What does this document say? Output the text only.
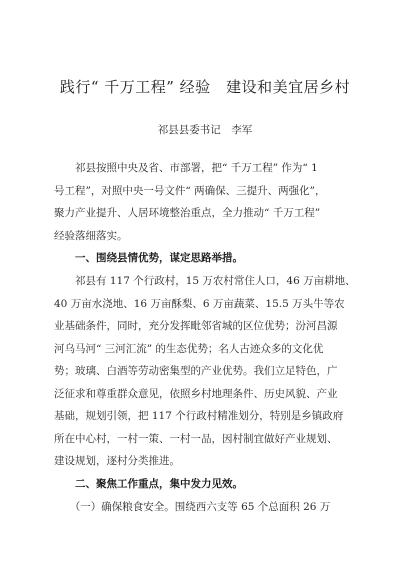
践行“ 千万工程” 经验　建设和美宜居乡村
祁县县委书记　李军
　　祁县按照中央及省、市部署，把“ 千万工程” 作为“ 1
号工程”，对照中央一号文件“ 两确保、三提升、两强化”，
聚力产业提升、人居环境整治重点，全力推动“ 千万工程”
经验落细落实。
　　一、围绕县情优势，谋定思路举措。
　　祁县有 117 个行政村，15 万农村常住人口，46 万亩耕地、
40 万亩水浇地、16 万亩酥梨、6 万亩蔬菜、15.5 万头牛等农
业基础条件，同时，充分发挥毗邻省城的区位优势；汾河昌源
河乌马河“ 三河汇流” 的生态优势；名人古迹众多的文化优
势；玻璃、白酒等劳动密集型的产业优势。我们立足特色，广
泛征求和尊重群众意见，依照乡村地理条件、历史风貌、产业
基础，规划引领，把 117 个行政村精准划分，特别是乡镇政府
所在中心村，一村一策、一村一品，因村制宜做好产业规划、
建设规划，逐村分类推进。
　　二、聚焦工作重点，集中发力见效。
　　（一）确保粮食安全。围绕西六支等 65 个总面积 26 万
